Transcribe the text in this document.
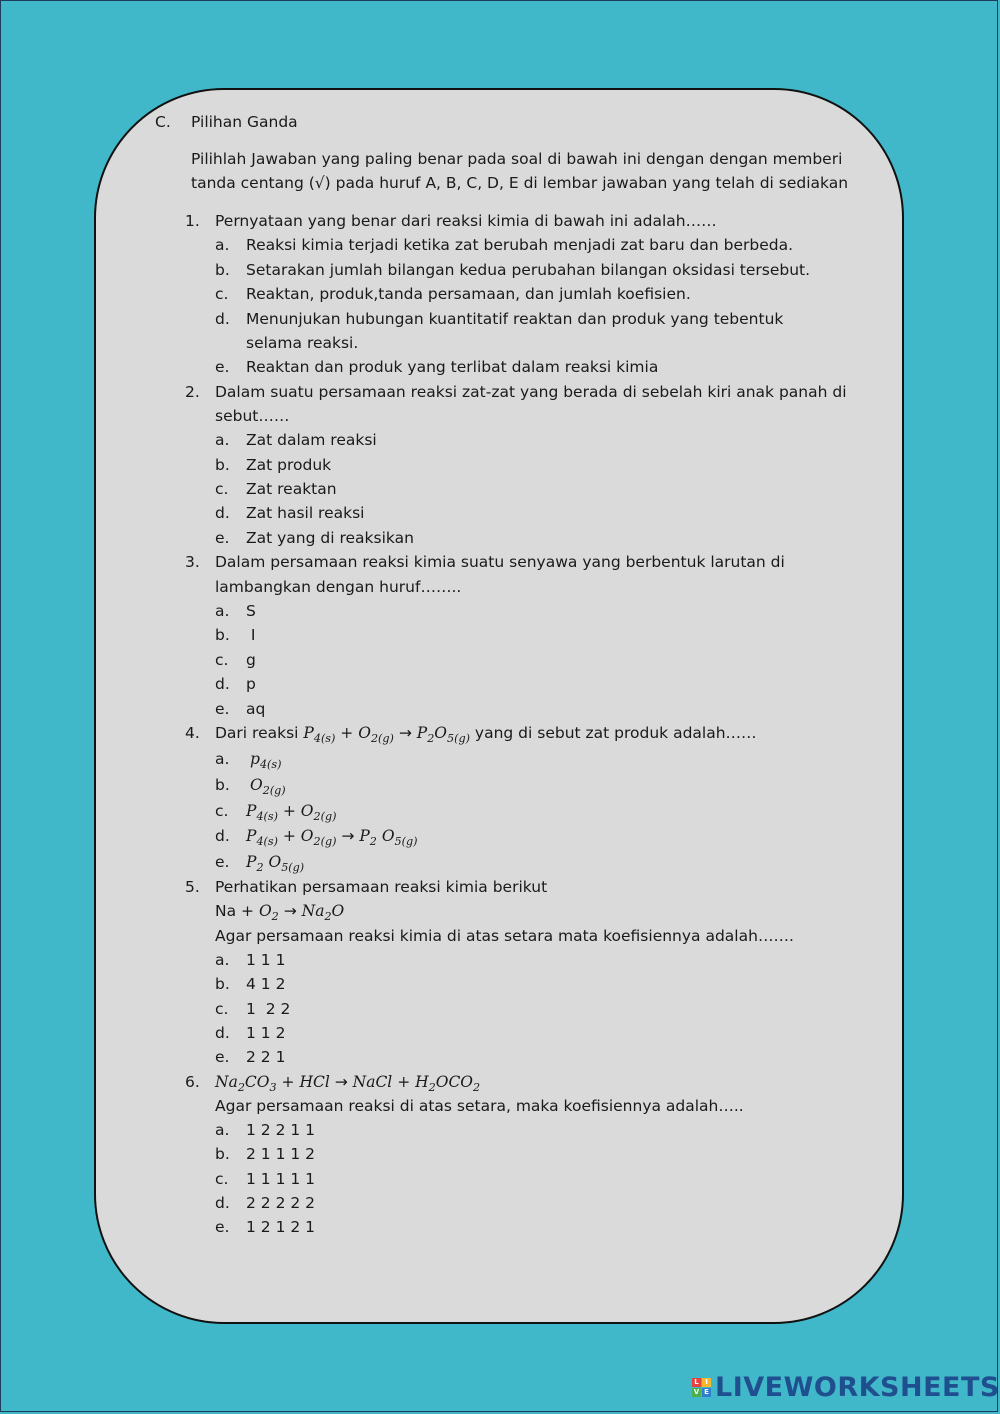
C. Pilihan Ganda
Pilihlah Jawaban yang paling benar pada soal di bawah ini dengan dengan memberi
tanda centang (√) pada huruf A, B, C, D, E di lembar jawaban yang telah di sediakan
1. Pernyataan yang benar dari reaksi kimia di bawah ini adalah……
a. Reaksi kimia terjadi ketika zat berubah menjadi zat baru dan berbeda.
b. Setarakan jumlah bilangan kedua perubahan bilangan oksidasi tersebut.
c. Reaktan, produk,tanda persamaan, dan jumlah koefisien.
d. Menunjukan hubungan kuantitatif reaktan dan produk yang tebentuk
selama reaksi.
e. Reaktan dan produk yang terlibat dalam reaksi kimia
2. Dalam suatu persamaan reaksi zat-zat yang berada di sebelah kiri anak panah di
sebut……
a. Zat dalam reaksi
b. Zat produk
c. Zat reaktan
d. Zat hasil reaksi
e. Zat yang di reaksikan
3. Dalam persamaan reaksi kimia suatu senyawa yang berbentuk larutan di
lambangkan dengan huruf……..
a. S
b. I
c. g
d. p
e. aq
4. Dari reaksi $P_{4(s)} + O_{2(g)} \to P_2O_{5(g)}$ yang di sebut zat produk adalah……
a. $p_{4(s)}$
b. $O_{2(g)}$
c. $P_{4(s)} + O_{2(g)}$
d. $P_{4(s)} + O_{2(g)} \to P_2$ $O_{5(g)}$
e. $P_2$ $O_{5(g)}$
5. Perhatikan persamaan reaksi kimia berikut
$Na + O_2 \to Na_2O$
Agar persamaan reaksi kimia di atas setara mata koefisiennya adalah…….
a. 1 1 1
b. 4 1 2
c. 1  2 2
d. 1 1 2
e. 2 2 1
6. $Na_2CO_3$ + HCl → NaCl + $H_2OCO_2$
Agar persamaan reaksi di atas setara, maka koefisiennya adalah…..
a. 1 2 2 1 1
b. 2 1 1 1 2
c. 1 1 1 1 1
d. 2 2 2 2 2
e. 1 2 1 2 1
L I
V E LIVEWORKSHEETS
